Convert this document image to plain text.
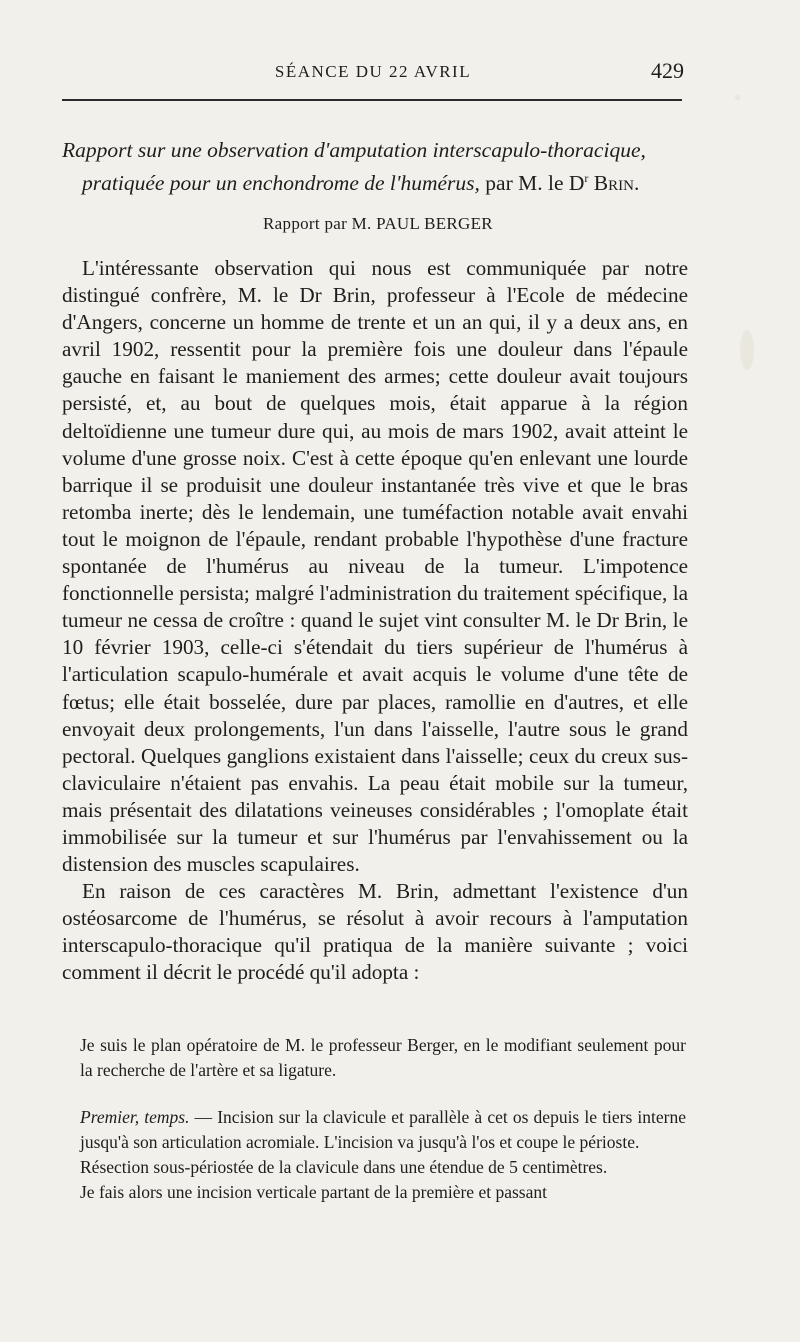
SÉANCE DU 22 AVRIL	429
Rapport sur une observation d'amputation interscapulo-thoracique,
pratiquée pour un enchondrome de l'humérus, par M. le $D^r$ Brin.
Rapport par M. PAUL BERGER

L'intéressante observation qui nous est communiquée par notre distingué confrère, M. le Dr Brin, professeur à l'Ecole de médecine d'Angers, concerne un homme de trente et un an qui, il y a deux ans, en avril 1902, ressentit pour la première fois une douleur dans l'épaule gauche en faisant le maniement des armes; cette douleur avait toujours persisté, et, au bout de quelques mois, était apparue à la région deltoïdienne une tumeur dure qui, au mois de mars 1902, avait atteint le volume d'une grosse noix. C'est à cette époque qu'en enlevant une lourde barrique il se produisit une douleur instantanée très vive et que le bras retomba inerte; dès le lendemain, une tuméfaction notable avait envahi tout le moignon de l'épaule, rendant probable l'hypothèse d'une fracture spontanée de l'humérus au niveau de la tumeur. L'impotence fonctionnelle persista; malgré l'administration du traitement spécifique, la tumeur ne cessa de croître : quand le sujet vint consulter M. le Dr Brin, le 10 février 1903, celle-ci s'étendait du tiers supérieur de l'humérus à l'articulation scapulo-humérale et avait acquis le volume d'une tête de fœtus; elle était bosselée, dure par places, ramollie en d'autres, et elle envoyait deux prolongements, l'un dans l'aisselle, l'autre sous le grand pectoral. Quelques ganglions existaient dans l'aisselle; ceux du creux sus-claviculaire n'étaient pas envahis. La peau était mobile sur la tumeur, mais présentait des dilatations veineuses considérables ; l'omoplate était immobilisée sur la tumeur et sur l'humérus par l'envahissement ou la distension des muscles scapulaires.

En raison de ces caractères M. Brin, admettant l'existence d'un ostéosarcome de l'humérus, se résolut à avoir recours à l'amputation interscapulo-thoracique qu'il pratiqua de la manière suivante ; voici comment il décrit le procédé qu'il adopta :

Je suis le plan opératoire de M. le professeur Berger, en le modifiant seulement pour la recherche de l'artère et sa ligature.

Premier, temps. — Incision sur la clavicule et parallèle à cet os depuis le tiers interne jusqu'à son articulation acromiale. L'incision va jusqu'à l'os et coupe le périoste.

Résection sous-périostée de la clavicule dans une étendue de 5 centimètres.

Je fais alors une incision verticale partant de la première et passant
